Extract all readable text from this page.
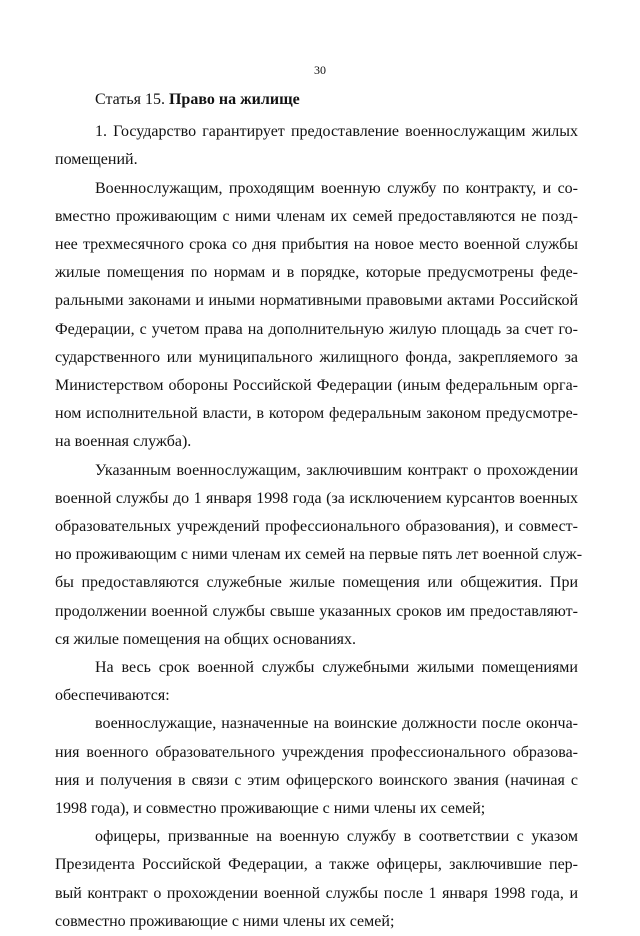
30
Статья 15. Право на жилище
1. Государство гарантирует предоставление военнослужащим жилых
помещений.
Военнослужащим, проходящим военную службу по контракту, и со-
вместно проживающим с ними членам их семей предоставляются не позд-
нее трехмесячного срока со дня прибытия на новое место военной службы
жилые помещения по нормам и в порядке, которые предусмотрены феде-
ральными законами и иными нормативными правовыми актами Российской
Федерации, с учетом права на дополнительную жилую площадь за счет го-
сударственного или муниципального жилищного фонда, закрепляемого за
Министерством обороны Российской Федерации (иным федеральным орга-
ном исполнительной власти, в котором федеральным законом предусмотре-
на военная служба).
Указанным военнослужащим, заключившим контракт о прохождении
военной службы до 1 января 1998 года (за исключением курсантов военных
образовательных учреждений профессионального образования), и совмест-
но проживающим с ними членам их семей на первые пять лет военной служ-
бы предоставляются служебные жилые помещения или общежития. При
продолжении военной службы свыше указанных сроков им предоставляют-
ся жилые помещения на общих основаниях.
На весь срок военной службы служебными жилыми помещениями
обеспечиваются:
военнослужащие, назначенные на воинские должности после оконча-
ния военного образовательного учреждения профессионального образова-
ния и получения в связи с этим офицерского воинского звания (начиная с
1998 года), и совместно проживающие с ними члены их семей;
офицеры, призванные на военную службу в соответствии с указом
Президента Российской Федерации, а также офицеры, заключившие пер-
вый контракт о прохождении военной службы после 1 января 1998 года, и
совместно проживающие с ними члены их семей;
